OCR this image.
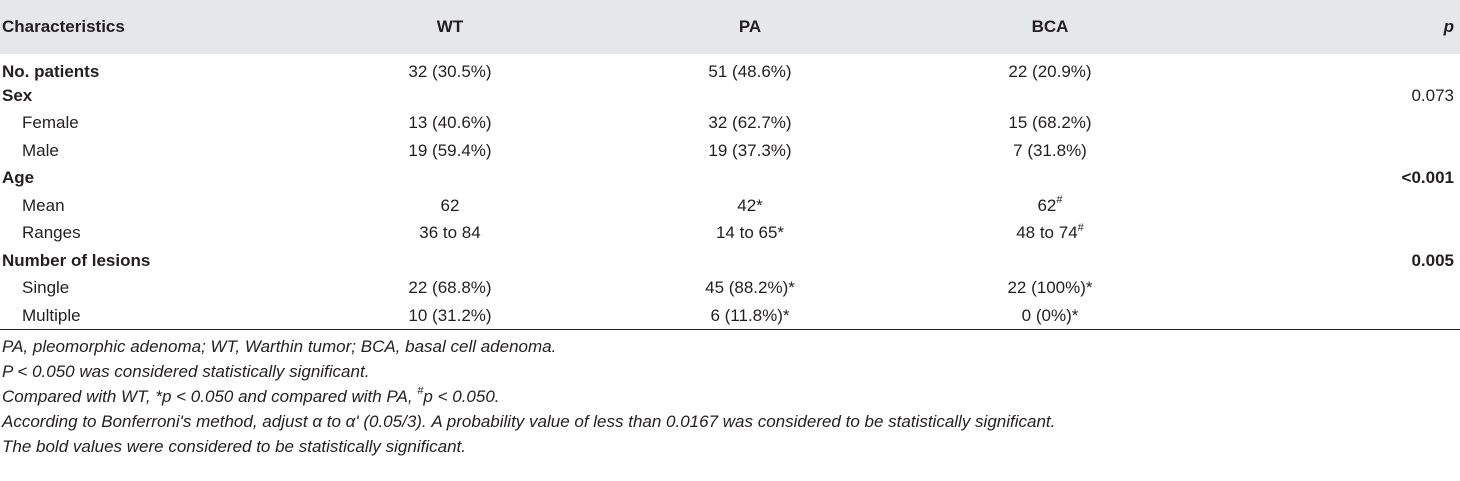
Characteristics	WT	PA	BCA	p
No. patients	32 (30.5%)	51 (48.6%)	22 (20.9%)	
Sex				0.073
Female	13 (40.6%)	32 (62.7%)	15 (68.2%)	
Male	19 (59.4%)	19 (37.3%)	7 (31.8%)	
Age				<0.001
Mean	62	42*	62#	
Ranges	36 to 84	14 to 65*	48 to 74#	
Number of lesions				0.005
Single	22 (68.8%)	45 (88.2%)*	22 (100%)*	
Multiple	10 (31.2%)	6 (11.8%)*	0 (0%)*	
PA, pleomorphic adenoma; WT, Warthin tumor; BCA, basal cell adenoma.
P < 0.050 was considered statistically significant.
Compared with WT, *p < 0.050 and compared with PA, #p < 0.050.
According to Bonferroni's method, adjust α to α' (0.05/3). A probability value of less than 0.0167 was considered to be statistically significant.
The bold values were considered to be statistically significant.
